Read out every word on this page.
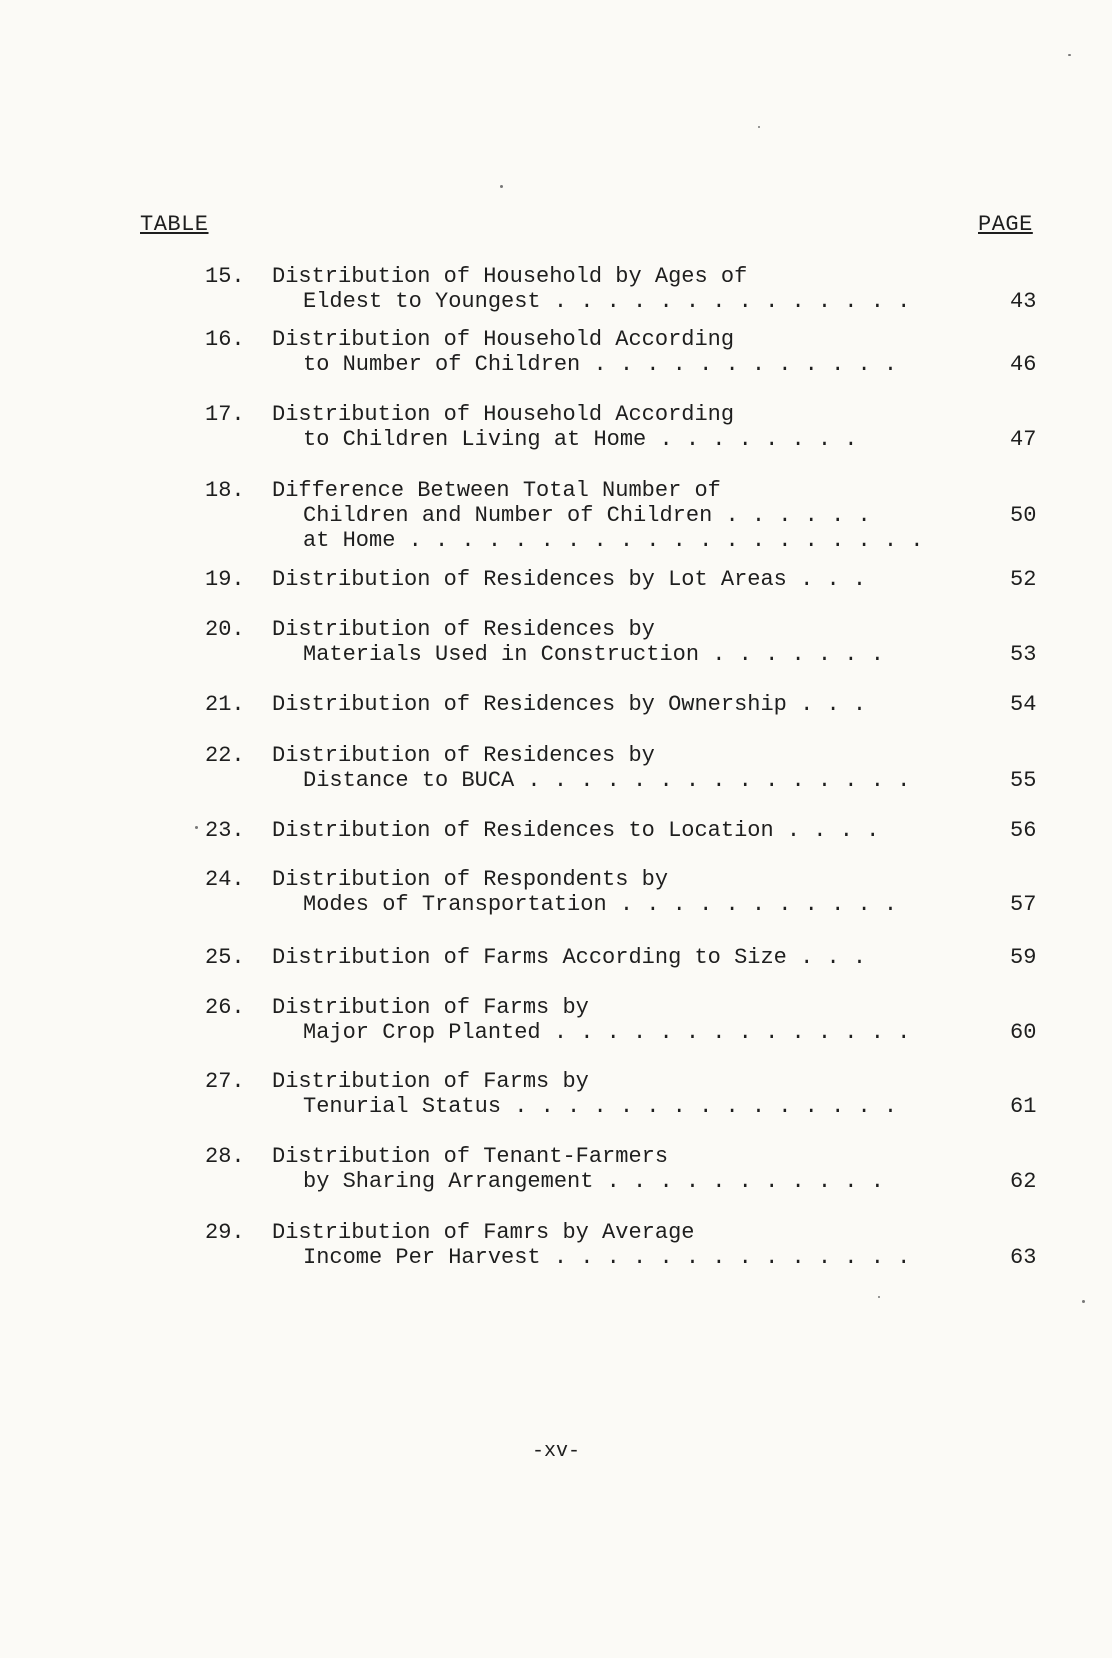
TABLE	PAGE
15.	Distribution of Household by Ages of
Eldest to Youngest . . . . . . . . . . . . . .	43
16.	Distribution of Household According
to Number of Children . . . . . . . . . . . .	46
17.	Distribution of Household According
to Children Living at Home . . . . . . . .	47
18.	Difference Between Total Number of
Children and Number of Children . . . . . .
at Home . . . . . . . . . . . . . . . . . . . .
50
19.	Distribution of Residences by Lot Areas . . .	52
20.	Distribution of Residences by
Materials Used in Construction . . . . . . .	53
21.	Distribution of Residences by Ownership . . .	54
22.	Distribution of Residences by
Distance to BUCA . . . . . . . . . . . . . . .	55
23.	Distribution of Residences to Location . . . .	56
24.	Distribution of Respondents by
Modes of Transportation . . . . . . . . . . .	57
25.	Distribution of Farms According to Size . . .	59
26.	Distribution of Farms by
Major Crop Planted . . . . . . . . . . . . . .	60
27.	Distribution of Farms by
Tenurial Status . . . . . . . . . . . . . . .	61
28.	Distribution of Tenant-Farmers
by Sharing Arrangement . . . . . . . . . . .	62
29.	Distribution of Famrs by Average
Income Per Harvest . . . . . . . . . . . . . .	63
-xv-
